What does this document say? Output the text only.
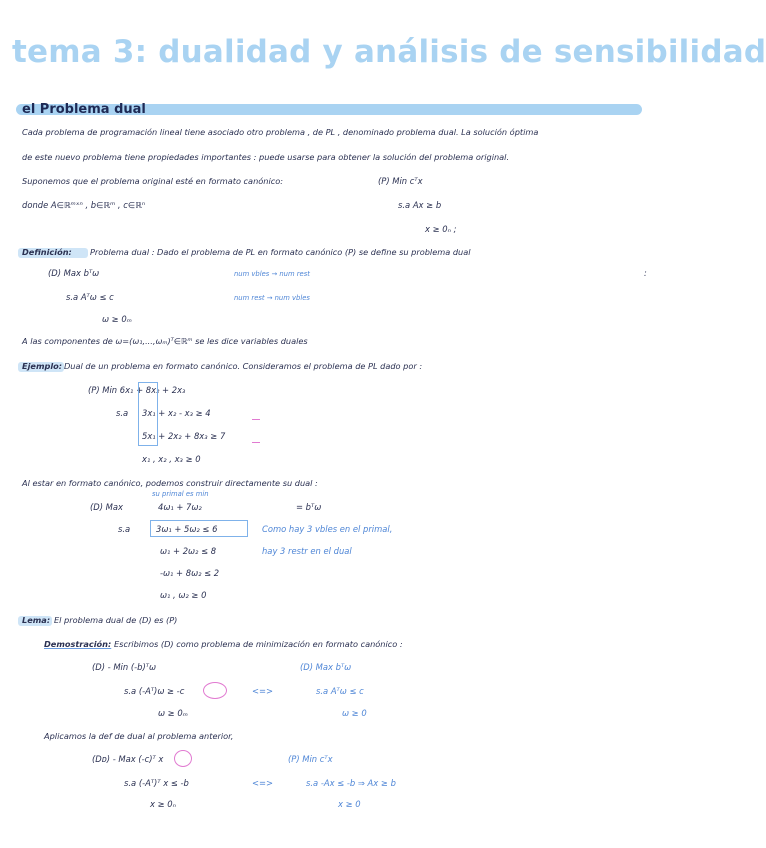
tema 3: dualidad y análisis de sensibilidad
el Problema dual
Cada problema de programación lineal tiene asociado otro problema , de PL , denominado problema dual. La solución óptima
de este nuevo problema tiene propiedades importantes : puede usarse para obtener la solución del problema original.
Suponemos que el problema original esté en formato canónico:	(P) Min cᵀx
donde A∈ℝᵐˣⁿ , b∈ℝᵐ , c∈ℝⁿ	s.a Ax ≥ b
x ≥ 0ₙ ;
Definición: Problema dual : Dado el problema de PL en formato canónico (P) se define su problema dual
(D) Max bᵀω	num vbles → num rest	:
s.a Aᵀω ≤ c	num rest → num vbles
ω ≥ 0ₘ
A las componentes de ω=(ω₁,...,ωₘ)ᵀ∈ℝᵐ se les dice variables duales
Ejemplo: Dual de un problema en formato canónico. Consideramos el problema de PL dado por :
(P) Min 6x₁ + 8x₂ + 2x₃
s.a 3x₁ + x₂ - x₃ ≥ 4
5x₁ + 2x₂ + 8x₃ ≥ 7
x₁ , x₂ , x₃ ≥ 0
Al estar en formato canónico, podemos construir directamente su dual :
su primal es min
(D) Max	4ω₁ + 7ω₂	= bᵀω
s.a	3ω₁ + 5ω₂ ≤ 6	Como hay 3 vbles en el primal,
ω₁ + 2ω₂ ≤ 8	hay 3 restr en el dual
-ω₁ + 8ω₂ ≤ 2
ω₁ , ω₂ ≥ 0
Lema: El problema dual de (D) es (P)
Demostración: Escribimos (D) como problema de minimización en formato canónico :
(D) - Min (-b)ᵀω	(D) Max bᵀω
s.a (-Aᵀ)ω ≥ -c	<=>	s.a Aᵀω ≤ c
ω ≥ 0ₘ	ω ≥ 0
Aplicamos la def de dual al problema anterior,
(Dᴅ) - Max (-c)ᵀ x	(P) Min cᵀx
s.a (-Aᵀ)ᵀ x ≤ -b	<=>	s.a -Ax ≤ -b ⇒ Ax ≥ b
x ≥ 0ₙ	x ≥ 0
